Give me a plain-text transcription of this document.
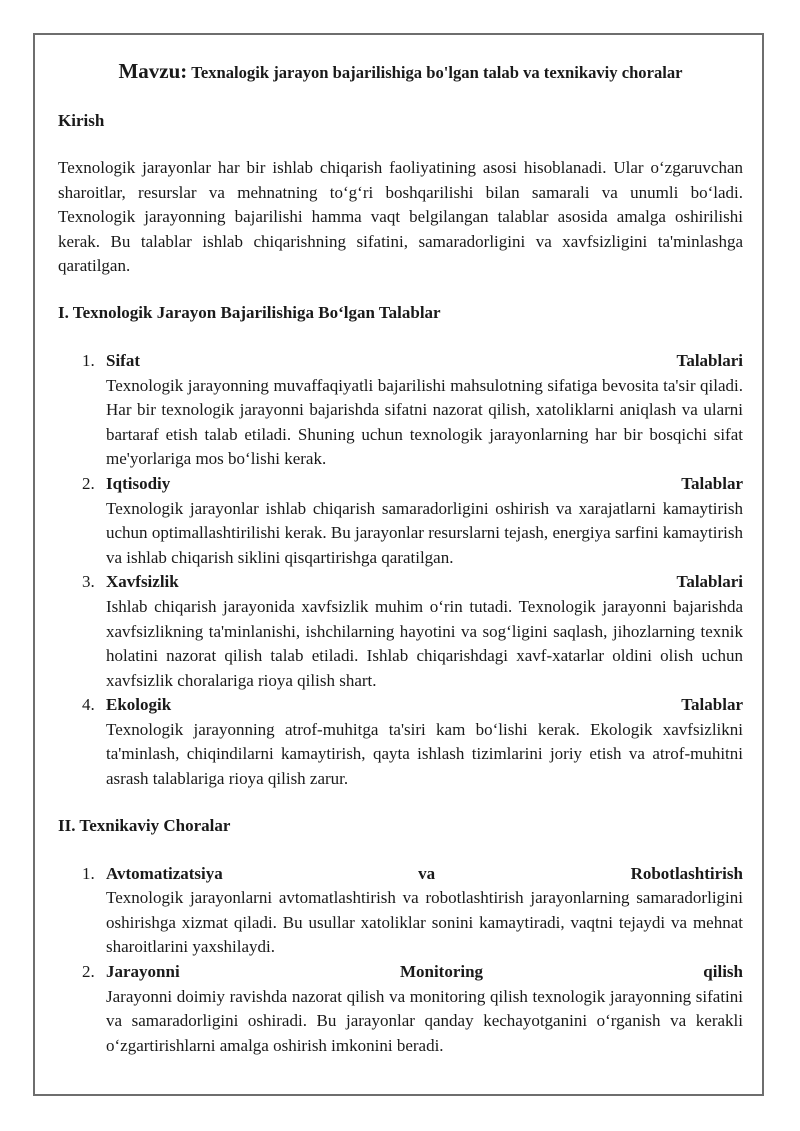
Mavzu: Texnalogik jarayon bajarilishiga bo'lgan talab va texnikaviy choralar
Kirish

Texnologik jarayonlar har bir ishlab chiqarish faoliyatining asosi hisoblanadi. Ular o‘zgaruvchan sharoitlar, resurslar va mehnatning to‘g‘ri boshqarilishi bilan samarali va unumli bo‘ladi. Texnologik jarayonning bajarilishi hamma vaqt belgilangan talablar asosida amalga oshirilishi kerak. Bu talablar ishlab chiqarishning sifatini, samaradorligini va xavfsizligini ta'minlashga qaratilgan.

I. Texnologik Jarayon Bajarilishiga Bo‘lgan Talablar
1. Sifat	Talablari
Texnologik jarayonning muvaffaqiyatli bajarilishi mahsulotning sifatiga bevosita ta'sir qiladi. Har bir texnologik jarayonni bajarishda sifatni nazorat qilish, xatoliklarni aniqlash va ularni bartaraf etish talab etiladi. Shuning uchun texnologik jarayonlarning har bir bosqichi sifat me'yorlariga mos bo‘lishi kerak.
2. Iqtisodiy	Talablar
Texnologik jarayonlar ishlab chiqarish samaradorligini oshirish va xarajatlarni kamaytirish uchun optimallashtirilishi kerak. Bu jarayonlar resurslarni tejash, energiya sarfini kamaytirish va ishlab chiqarish siklini qisqartirishga qaratilgan.
3. Xavfsizlik	Talablari
Ishlab chiqarish jarayonida xavfsizlik muhim o‘rin tutadi. Texnologik jarayonni bajarishda xavfsizlikning ta'minlanishi, ishchilarning hayotini va sog‘ligini saqlash, jihozlarning texnik holatini nazorat qilish talab etiladi. Ishlab chiqarishdagi xavf-xatarlar oldini olish uchun xavfsizlik choralariga rioya qilish shart.
4. Ekologik	Talablar
Texnologik jarayonning atrof-muhitga ta'siri kam bo‘lishi kerak. Ekologik xavfsizlikni ta'minlash, chiqindilarni kamaytirish, qayta ishlash tizimlarini joriy etish va atrof-muhitni asrash talablariga rioya qilish zarur.
II. Texnikaviy Choralar
1. Avtomatizatsiya	va	Robotlashtirish
Texnologik jarayonlarni avtomatlashtirish va robotlashtirish jarayonlarning samaradorligini oshirishga xizmat qiladi. Bu usullar xatoliklar sonini kamaytiradi, vaqtni tejaydi va mehnat sharoitlarini yaxshilaydi.
2. Jarayonni	Monitoring	qilish
Jarayonni doimiy ravishda nazorat qilish va monitoring qilish texnologik jarayonning sifatini va samaradorligini oshiradi. Bu jarayonlar qanday kechayotganini o‘rganish va kerakli o‘zgartirishlarni amalga oshirish imkonini beradi.
